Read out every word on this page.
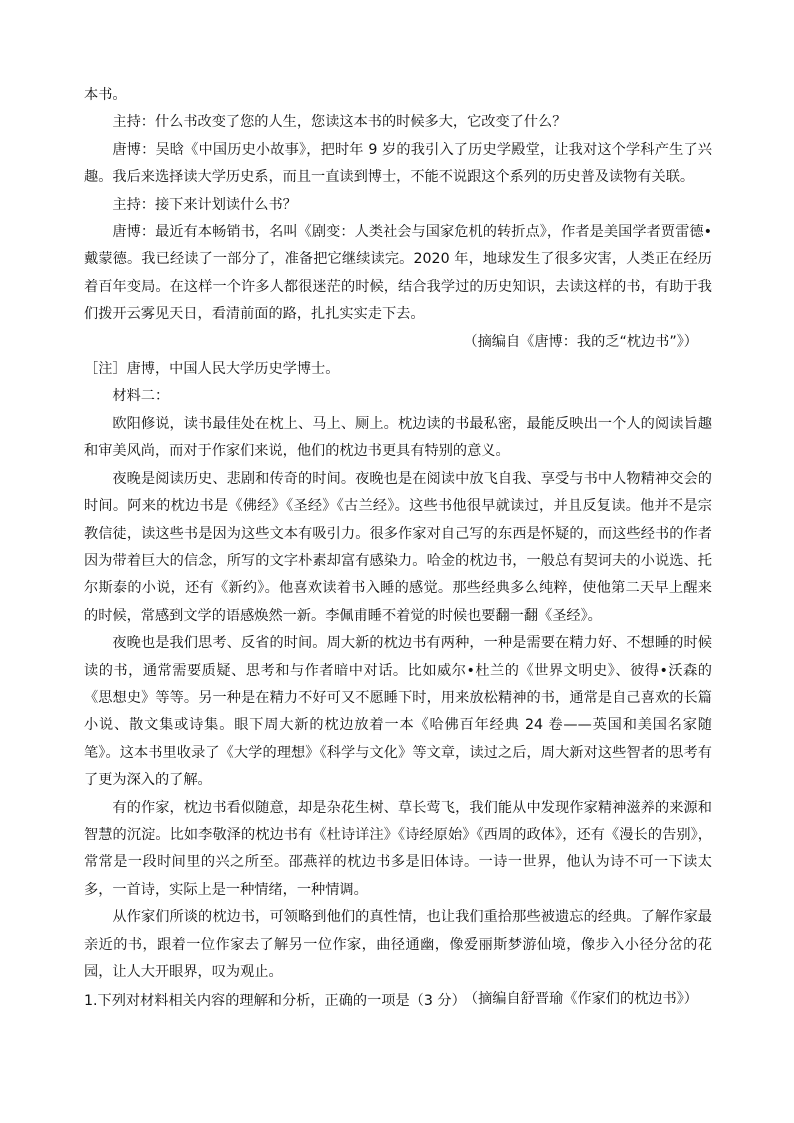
本书。

主持：什么书改变了您的人生，您读这本书的时候多大，它改变了什么？

唐博：吴晗《中国历史小故事》，把时年 9 岁的我引入了历史学殿堂，让我对这个学科产生了兴趣。我后来选择读大学历史系，而且一直读到博士，不能不说跟这个系列的历史普及读物有关联。

主持：接下来计划读什么书？

唐博：最近有本畅销书，名叫《剧变：人类社会与国家危机的转折点》，作者是美国学者贾雷德•戴蒙德。我已经读了一部分了，准备把它继续读完。2020 年，地球发生了很多灾害，人类正在经历着百年变局。在这样一个许多人都很迷茫的时候，结合我学过的历史知识，去读这样的书，有助于我们拨开云雾见天日，看清前面的路，扎扎实实走下去。

（摘编自《唐博：我的乏“枕边书”》）

［注］唐博，中国人民大学历史学博士。

材料二：

欧阳修说，读书最佳处在枕上、马上、厕上。枕边读的书最私密，最能反映出一个人的阅读旨趣和审美风尚，而对于作家们来说，他们的枕边书更具有特别的意义。

夜晚是阅读历史、悲剧和传奇的时间。夜晚也是在阅读中放飞自我、享受与书中人物精神交会的时间。阿来的枕边书是《佛经》《圣经》《古兰经》。这些书他很早就读过，并且反复读。他并不是宗教信徒，读这些书是因为这些文本有吸引力。很多作家对自己写的东西是怀疑的，而这些经书的作者因为带着巨大的信念，所写的文字朴素却富有感染力。哈金的枕边书，一般总有契诃夫的小说选、托尔斯泰的小说，还有《新约》。他喜欢读着书入睡的感觉。那些经典多么纯粹，使他第二天早上醒来的时候，常感到文学的语感焕然一新。李佩甫睡不着觉的时候也要翻一翻《圣经》。

夜晚也是我们思考、反省的时间。周大新的枕边书有两种，一种是需要在精力好、不想睡的时候读的书，通常需要质疑、思考和与作者暗中对话。比如威尔•杜兰的《世界文明史》、彼得•沃森的《思想史》等等。另一种是在精力不好可又不愿睡下时，用来放松精神的书，通常是自己喜欢的长篇小说、散文集或诗集。眼下周大新的枕边放着一本《哈佛百年经典 24 卷——英国和美国名家随笔》。这本书里收录了《大学的理想》《科学与文化》等文章，读过之后，周大新对这些智者的思考有了更为深入的了解。

有的作家，枕边书看似随意，却是杂花生树、草长莺飞，我们能从中发现作家精神滋养的来源和智慧的沉淀。比如李敬泽的枕边书有《杜诗详注》《诗经原始》《西周的政体》，还有《漫长的告别》，常常是一段时间里的兴之所至。邵燕祥的枕边书多是旧体诗。一诗一世界，他认为诗不可一下读太多，一首诗，实际上是一种情绪，一种情调。

从作家们所谈的枕边书，可领略到他们的真性情，也让我们重拾那些被遗忘的经典。了解作家最亲近的书，跟着一位作家去了解另一位作家，曲径通幽，像爱丽斯梦游仙境，像步入小径分岔的花园，让人大开眼界，叹为观止。

（摘编自舒晋瑜《作家们的枕边书》）

1.下列对材料相关内容的理解和分析，正确的一项是（3 分）
